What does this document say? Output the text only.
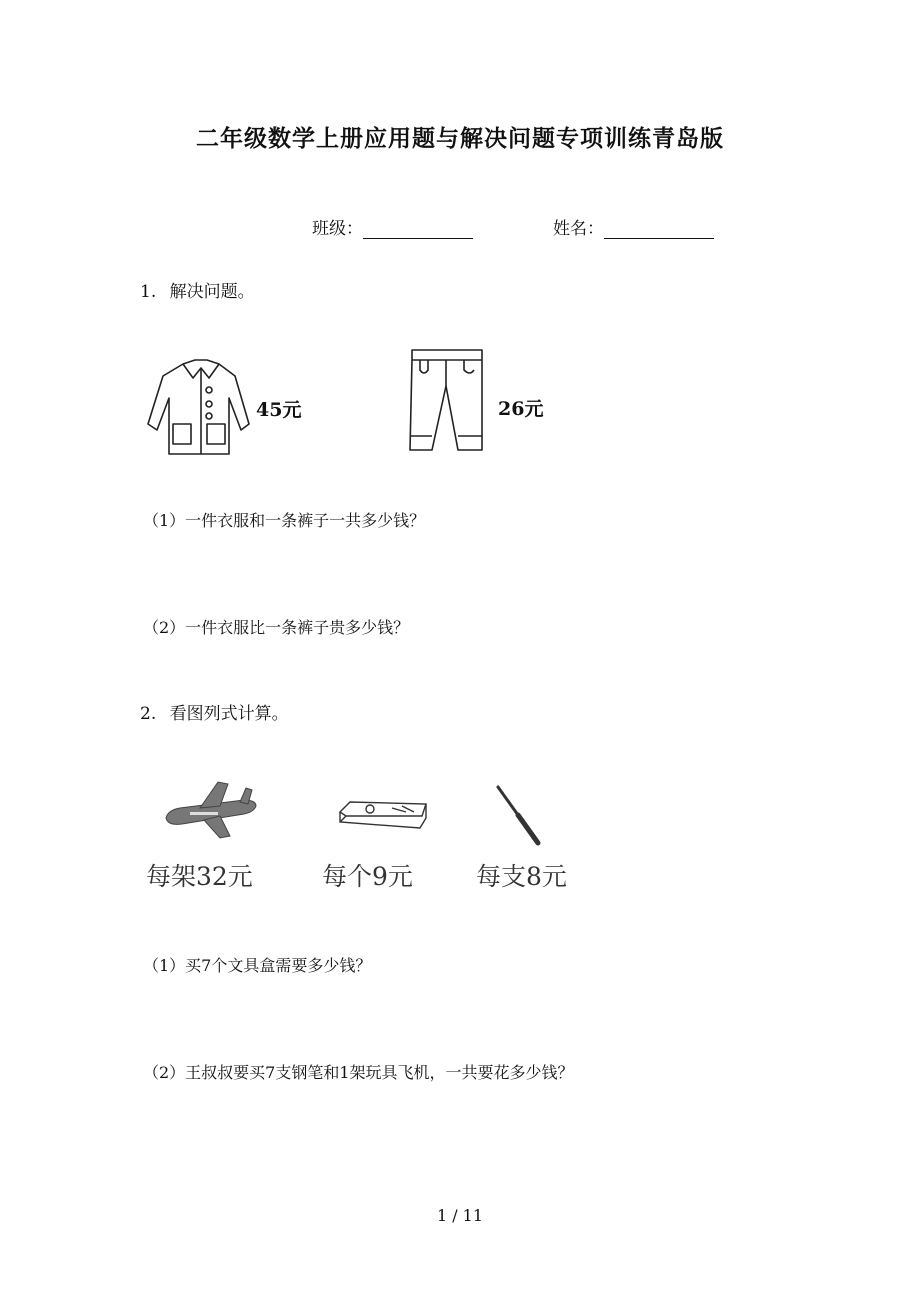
二年级数学上册应用题与解决问题专项训练青岛版
班级：	姓名：
1. 解决问题。
45元	26元
（1）一件衣服和一条裤子一共多少钱？
（2）一件衣服比一条裤子贵多少钱？
2. 看图列式计算。
每架32元	每个9元	每支8元
（1）买7个文具盒需要多少钱？
（2）王叔叔要买7支钢笔和1架玩具飞机，一共要花多少钱？
1 / 11
